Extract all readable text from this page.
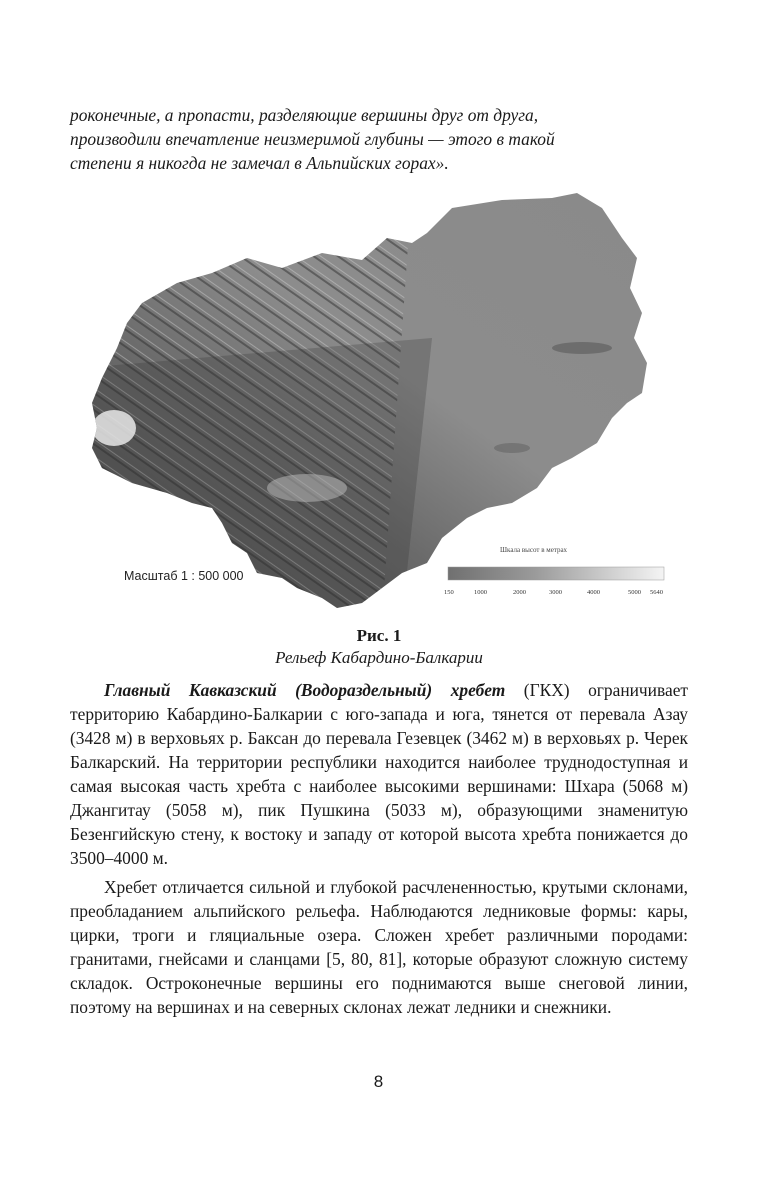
роконечные, а пропасти, разделяющие вершины друг от друга,

производили впечатление неизмеримой глубины — этого в такой

степени я никогда не замечал в Альпийских горах».

Масштаб 1 : 500 000
Шкала высот в метрах
150	1000	2000	3000	4000	5000 5640
Рис. 1
Рельеф Кабардино-Балкарии

Главный Кавказский (Водораздельный) хребет (ГКХ) ограничивает территорию Кабардино-Балкарии с юго-запада и юга, тянется от перевала Азау (3428 м) в верховьях р. Баксан до перевала Гезевцек (3462 м) в верховьях р. Черек Балкарский. На территории республики находится наиболее труднодоступная и самая высокая часть хребта с наиболее высокими вершинами: Шхара (5068 м) Джангитау (5058 м), пик Пушкина (5033 м), образующими знаменитую Безенгийскую стену, к востоку и западу от которой высота хребта понижается до 3500–4000 м.

Хребет отличается сильной и глубокой расчлененностью, крутыми склонами, преобладанием альпийского рельефа. Наблюдаются ледниковые формы: кары, цирки, троги и гляциальные озера. Сложен хребет различными породами: гранитами, гнейсами и сланцами [5, 80, 81], которые образуют сложную систему складок. Остроконечные вершины его поднимаются выше снеговой линии, поэтому на вершинах и на северных склонах лежат ледники и снежники.

8
